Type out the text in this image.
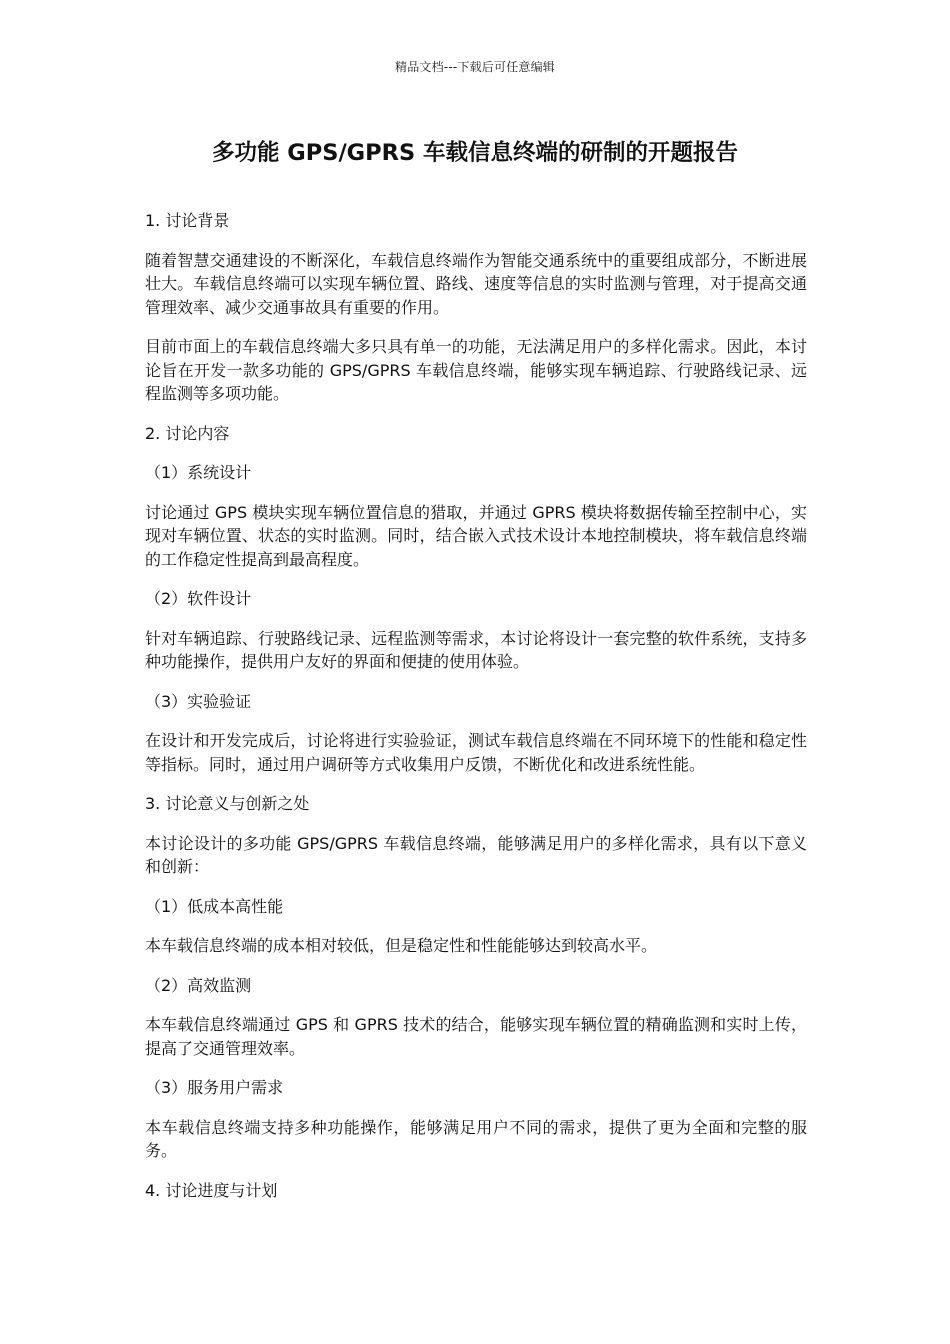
精品文档---下载后可任意编辑
多功能 GPS/GPRS 车载信息终端的研制的开题报告

1. 讨论背景

随着智慧交通建设的不断深化，车载信息终端作为智能交通系统中的重要组成部分，不断进展壮大。车载信息终端可以实现车辆位置、路线、速度等信息的实时监测与管理，对于提高交通管理效率、减少交通事故具有重要的作用。

目前市面上的车载信息终端大多只具有单一的功能，无法满足用户的多样化需求。因此，本讨论旨在开发一款多功能的 GPS/GPRS 车载信息终端，能够实现车辆追踪、行驶路线记录、远程监测等多项功能。

2. 讨论内容

（1）系统设计

讨论通过 GPS 模块实现车辆位置信息的猎取，并通过 GPRS 模块将数据传输至控制中心，实现对车辆位置、状态的实时监测。同时，结合嵌入式技术设计本地控制模块，将车载信息终端的工作稳定性提高到最高程度。

（2）软件设计

针对车辆追踪、行驶路线记录、远程监测等需求，本讨论将设计一套完整的软件系统，支持多种功能操作，提供用户友好的界面和便捷的使用体验。

（3）实验验证

在设计和开发完成后，讨论将进行实验验证，测试车载信息终端在不同环境下的性能和稳定性等指标。同时，通过用户调研等方式收集用户反馈，不断优化和改进系统性能。

3. 讨论意义与创新之处

本讨论设计的多功能 GPS/GPRS 车载信息终端，能够满足用户的多样化需求，具有以下意义和创新：

（1）低成本高性能

本车载信息终端的成本相对较低，但是稳定性和性能能够达到较高水平。

（2）高效监测

本车载信息终端通过 GPS 和 GPRS 技术的结合，能够实现车辆位置的精确监测和实时上传，提高了交通管理效率。

（3）服务用户需求

本车载信息终端支持多种功能操作，能够满足用户不同的需求，提供了更为全面和完整的服务。

4. 讨论进度与计划
